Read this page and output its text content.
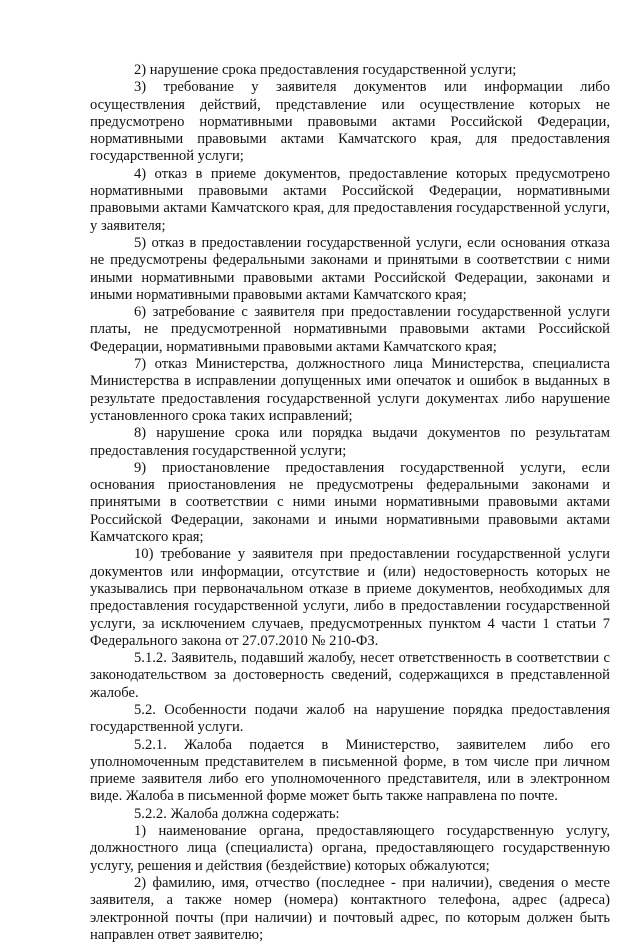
2) нарушение срока предоставления государственной услуги;

3) требование у заявителя документов или информации либо осуществления действий, представление или осуществление которых не предусмотрено нормативными правовыми актами Российской Федерации, нормативными правовыми актами Камчатского края, для предоставления государственной услуги;

4) отказ в приеме документов, предоставление которых предусмотрено нормативными правовыми актами Российской Федерации, нормативными правовыми актами Камчатского края, для предоставления государственной услуги, у заявителя;

5) отказ в предоставлении государственной услуги, если основания отказа не предусмотрены федеральными законами и принятыми в соответствии с ними иными нормативными правовыми актами Российской Федерации, законами и иными нормативными правовыми актами Камчатского края;

6) затребование с заявителя при предоставлении государственной услуги платы, не предусмотренной нормативными правовыми актами Российской Федерации, нормативными правовыми актами Камчатского края;

7) отказ Министерства, должностного лица Министерства, специалиста Министерства в исправлении допущенных ими опечаток и ошибок в выданных в результате предоставления государственной услуги документах либо нарушение установленного срока таких исправлений;

8) нарушение срока или порядка выдачи документов по результатам предоставления государственной услуги;

9) приостановление предоставления государственной услуги, если основания приостановления не предусмотрены федеральными законами и принятыми в соответствии с ними иными нормативными правовыми актами Российской Федерации, законами и иными нормативными правовыми актами Камчатского края;

10) требование у заявителя при предоставлении государственной услуги документов или информации, отсутствие и (или) недостоверность которых не указывались при первоначальном отказе в приеме документов, необходимых для предоставления государственной услуги, либо в предоставлении государственной услуги, за исключением случаев, предусмотренных пунктом 4 части 1 статьи 7 Федерального закона от 27.07.2010 № 210-ФЗ.

5.1.2. Заявитель, подавший жалобу, несет ответственность в соответствии с законодательством за достоверность сведений, содержащихся в представленной жалобе.

5.2. Особенности подачи жалоб на нарушение порядка предоставления государственной услуги.

5.2.1. Жалоба подается в Министерство, заявителем либо его уполномоченным представителем в письменной форме, в том числе при личном приеме заявителя либо его уполномоченного представителя, или в электронном виде. Жалоба в письменной форме может быть также направлена по почте.

5.2.2. Жалоба должна содержать:

1) наименование органа, предоставляющего государственную услугу, должностного лица (специалиста) органа, предоставляющего государственную услугу, решения и действия (бездействие) которых обжалуются;

2) фамилию, имя, отчество (последнее - при наличии), сведения о месте заявителя, а также номер (номера) контактного телефона, адрес (адреса) электронной почты (при наличии) и почтовый адрес, по которым должен быть направлен ответ заявителю;
